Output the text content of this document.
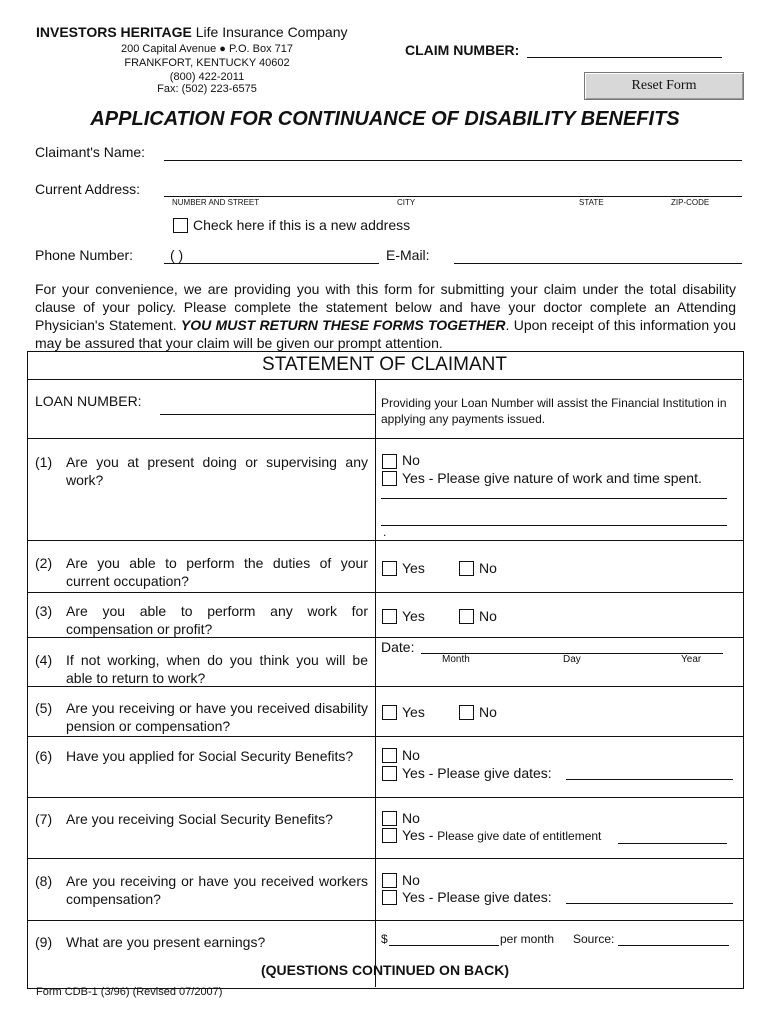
INVESTORS HERITAGE Life Insurance Company
200 Capital Avenue ● P.O. Box 717
FRANKFORT, KENTUCKY 40602
(800) 422-2011
Fax: (502) 223-6575
CLAIM NUMBER:
Reset Form
APPLICATION FOR CONTINUANCE OF DISABILITY BENEFITS
Claimant's Name:
Current Address:
NUMBER AND STREET	CITY	STATE	ZIP-CODE
Check here if this is a new address
Phone Number:	( )	E-Mail:
For your convenience, we are providing you with this form for submitting your claim under the total disability clause of your policy. Please complete the statement below and have your doctor complete an Attending Physician's Statement. YOU MUST RETURN THESE FORMS TOGETHER. Upon receipt of this information you may be assured that your claim will be given our prompt attention.
STATEMENT OF CLAIMANT
LOAN NUMBER:	Providing your Loan Number will assist the Financial Institution in applying any payments issued.
(1) Are you at present doing or supervising any work?
No
Yes - Please give nature of work and time spent.
.
(2) Are you able to perform the duties of your current occupation?
Yes	No
(3) Are you able to perform any work for compensation or profit?
Yes	No
(4) If not working, when do you think you will be able to return to work?
Date:
Month	Day	Year
(5) Are you receiving or have you received disability pension or compensation?
Yes	No
(6) Have you applied for Social Security Benefits?	No
Yes - Please give dates:
(7) Are you receiving Social Security Benefits?	No
Yes - Please give date of entitlement
(8) Are you receiving or have you received workers compensation?
No
Yes - Please give dates:
(9) What are you present earnings?	$	per month Source:
(QUESTIONS CONTINUED ON BACK)
Form CDB-1 (3/96) (Revised 07/2007)
